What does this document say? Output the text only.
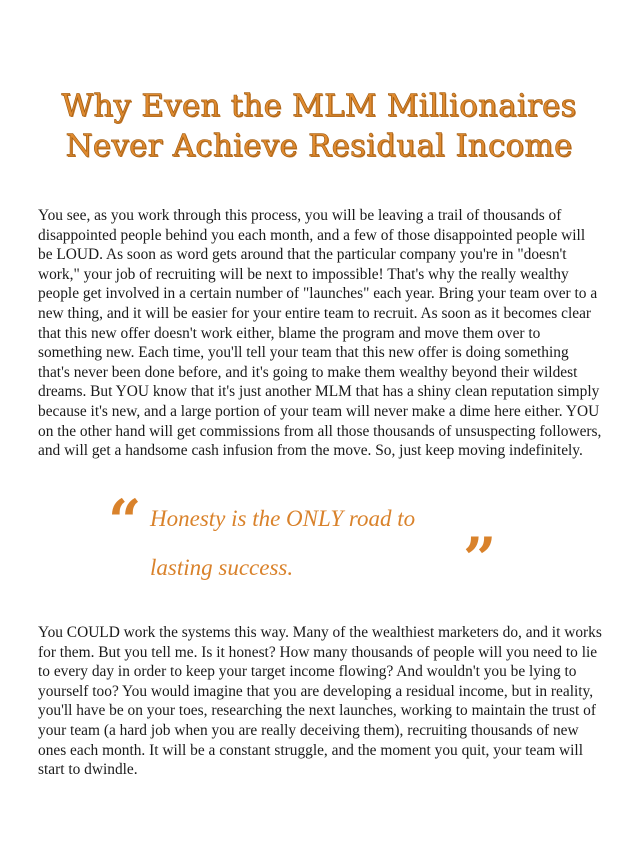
Why Even the MLM Millionaires
Never Achieve Residual Income

You see, as you work through this process, you will be leaving a trail of thousands of disappointed people behind you each month, and a few of those disappointed people will be LOUD. As soon as word gets around that the particular company you're in "doesn't work," your job of recruiting will be next to impossible! That's why the really wealthy people get involved in a certain number of "launches" each year. Bring your team over to a new thing, and it will be easier for your entire team to recruit. As soon as it becomes clear that this new offer doesn't work either, blame the program and move them over to something new. Each time, you'll tell your team that this new offer is doing something that's never been done before, and it's going to make them wealthy beyond their wildest dreams. But YOU know that it's just another MLM that has a shiny clean reputation simply because it's new, and a large portion of your team will never make a dime here either. YOU on the other hand will get commissions from all those thousands of unsuspecting followers, and will get a handsome cash infusion from the move. So, just keep moving indefinitely.

“ Honesty is the ONLY road to
lasting success.	”

You COULD work the systems this way. Many of the wealthiest marketers do, and it works for them. But you tell me. Is it honest? How many thousands of people will you need to lie to every day in order to keep your target income flowing? And wouldn't you be lying to yourself too? You would imagine that you are developing a residual income, but in reality, you'll have be on your toes, researching the next launches, working to maintain the trust of your team (a hard job when you are really deceiving them), recruiting thousands of new ones each month. It will be a constant struggle, and the moment you quit, your team will start to dwindle.
